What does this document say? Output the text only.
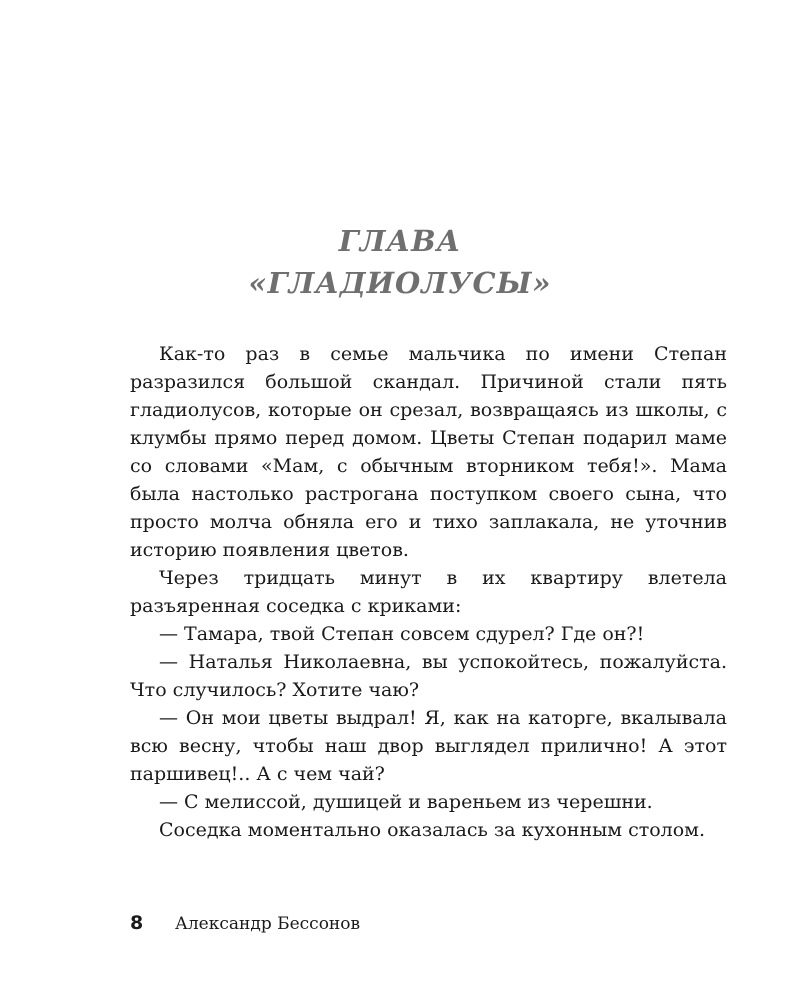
ГЛАВА
«ГЛАДИОЛУСЫ»

Как-то раз в семье мальчика по имени Степан разразился большой скандал. Причиной стали пять гладиолусов, которые он срезал, возвращаясь из школы, с клумбы прямо перед домом. Цветы Степан подарил маме со словами «Мам, с обычным вторником тебя!». Мама была настолько растрогана поступком своего сына, что просто молча обняла его и тихо заплакала, не уточнив историю появления цветов.

Через тридцать минут в их квартиру влетела разъяренная соседка с криками:

— Тамара, твой Степан совсем сдурел? Где он?!

— Наталья Николаевна, вы успокойтесь, пожалуйста. Что случилось? Хотите чаю?

— Он мои цветы выдрал! Я, как на каторге, вкалывала всю весну, чтобы наш двор выглядел прилично! А этот паршивец!.. А с чем чай?

— С мелиссой, душицей и вареньем из черешни.

Соседка моментально оказалась за кухонным столом.

8	Александр Бессонов
